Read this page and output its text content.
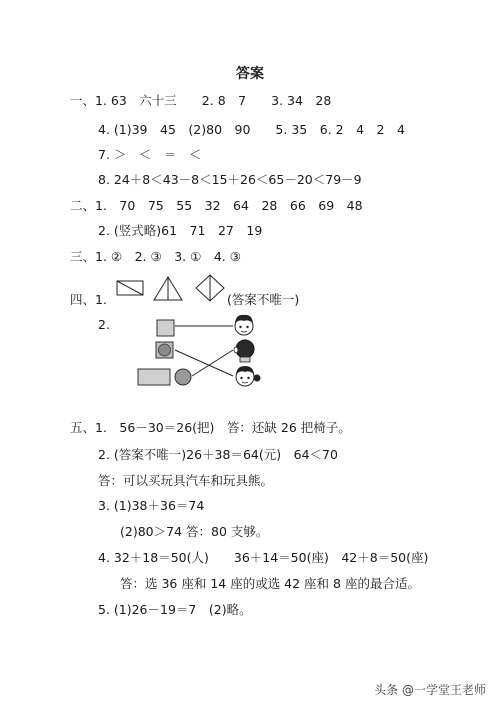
答案
一、1. 63　六十三　　2. 8　7　　3. 34　28
4. (1)39　45　(2)80　90　　5. 35　6. 2　4　2　4
7. ＞　＜　＝　＜
8. 24＋8＜43－8＜15＋26＜65－20＜79－9
二、1.　70　75　55　32　64　28　66　69　48
2. (竖式略)61　71　27　19
三、1. ②　2. ③　3. ①　4. ③
四、1.	(答案不唯一)
2.
五、1.　56－30＝26(把)　答：还缺 26 把椅子。
2. (答案不唯一)26＋38＝64(元)　64＜70
答：可以买玩具汽车和玩具熊。
3. (1)38＋36＝74
(2)80＞74 答：80 支够。
4. 32＋18＝50(人)　　36＋14＝50(座)　42＋8＝50(座)
答：选 36 座和 14 座的或选 42 座和 8 座的最合适。
5. (1)26－19＝7　(2)略。
头条 @一学堂王老师
